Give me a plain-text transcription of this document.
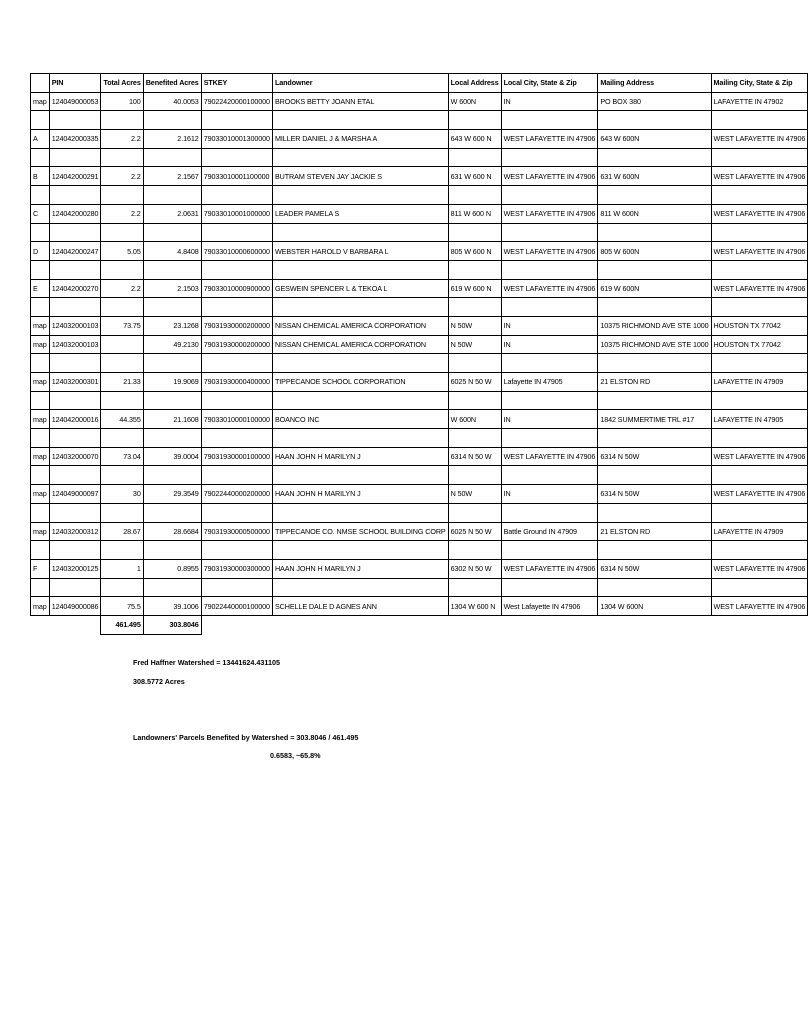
	PIN	Total Acres	Benefited Acres	STKEY	Landowner	Local Address	Local City, State & Zip	Mailing Address	Mailing City, State & Zip
map	124049000053	100	40.0053	79022420000100000	BROOKS BETTY JOANN ETAL	W 600N	IN	PO BOX 380	LAFAYETTE IN 47902

A	124042000335	2.2	2.1612	79033010001300000	MILLER DANIEL J & MARSHA A	643 W 600 N	WEST LAFAYETTE IN 47906	643 W 600N	WEST LAFAYETTE IN 47906

B	124042000291	2.2	2.1567	79033010001100000	BUTRAM STEVEN JAY JACKIE S	631 W 600 N	WEST LAFAYETTE IN 47906	631 W 600N	WEST LAFAYETTE IN 47906

C	124042000280	2.2	2.0631	79033010001000000	LEADER PAMELA S	811 W 600 N	WEST LAFAYETTE IN 47906	811 W 600N	WEST LAFAYETTE IN 47906

D	124042000247	5.05	4.8408	79033010000600000	WEBSTER HAROLD V BARBARA L	805 W 600 N	WEST LAFAYETTE IN 47906	805 W 600N	WEST LAFAYETTE IN 47906

E	124042000270	2.2	2.1503	79033010000900000	GESWEIN SPENCER L & TEKOA L	619 W 600 N	WEST LAFAYETTE IN 47906	619 W 600N	WEST LAFAYETTE IN 47906

map	124032000103	73.75	23.1268	79031930000200000	NISSAN CHEMICAL AMERICA CORPORATION	N 50W	IN	10375 RICHMOND AVE STE 1000	HOUSTON TX 77042
map	124032000103		49.2130	79031930000200000	NISSAN CHEMICAL AMERICA CORPORATION	N 50W	IN	10375 RICHMOND AVE STE 1000	HOUSTON TX 77042

map	124032000301	21.33	19.9069	79031930000400000	TIPPECANOE SCHOOL CORPORATION	6025 N 50 W	Lafayette IN 47905	21 ELSTON RD	LAFAYETTE IN 47909

map	124042000016	44.355	21.1608	79033010000100000	BOANCO INC	W 600N	IN	1842 SUMMERTIME TRL #17	LAFAYETTE IN 47905

map	124032000070	73.04	39.0004	79031930000100000	HAAN JOHN H MARILYN J	6314 N 50 W	WEST LAFAYETTE IN 47906	6314 N 50W	WEST LAFAYETTE IN 47906

map	124049000097	30	29.3549	79022440000200000	HAAN JOHN H MARILYN J	N 50W	IN	6314 N 50W	WEST LAFAYETTE IN 47906

map	124032000312	28.67	28.6684	79031930000500000	TIPPECANOE CO. NMSE SCHOOL BUILDING CORP	6025 N 50 W	Battle Ground IN 47909	21 ELSTON RD	LAFAYETTE IN 47909

F	124032000125	1	0.8955	79031930000300000	HAAN JOHN H MARILYN J	6302 N 50 W	WEST LAFAYETTE IN 47906	6314 N 50W	WEST LAFAYETTE IN 47906

map	124049000086	75.5	39.1006	79022440000100000	SCHELLE DALE D AGNES ANN	1304 W 600 N	West Lafayette IN 47906	1304 W 600N	WEST LAFAYETTE IN 47906
		461.495	303.8046						
Fred Haffner Watershed = 13441624.431105
308.5772 Acres
Landowners' Parcels Benefited by Watershed = 303.8046 / 461.495
0.6583, ~65.8%
